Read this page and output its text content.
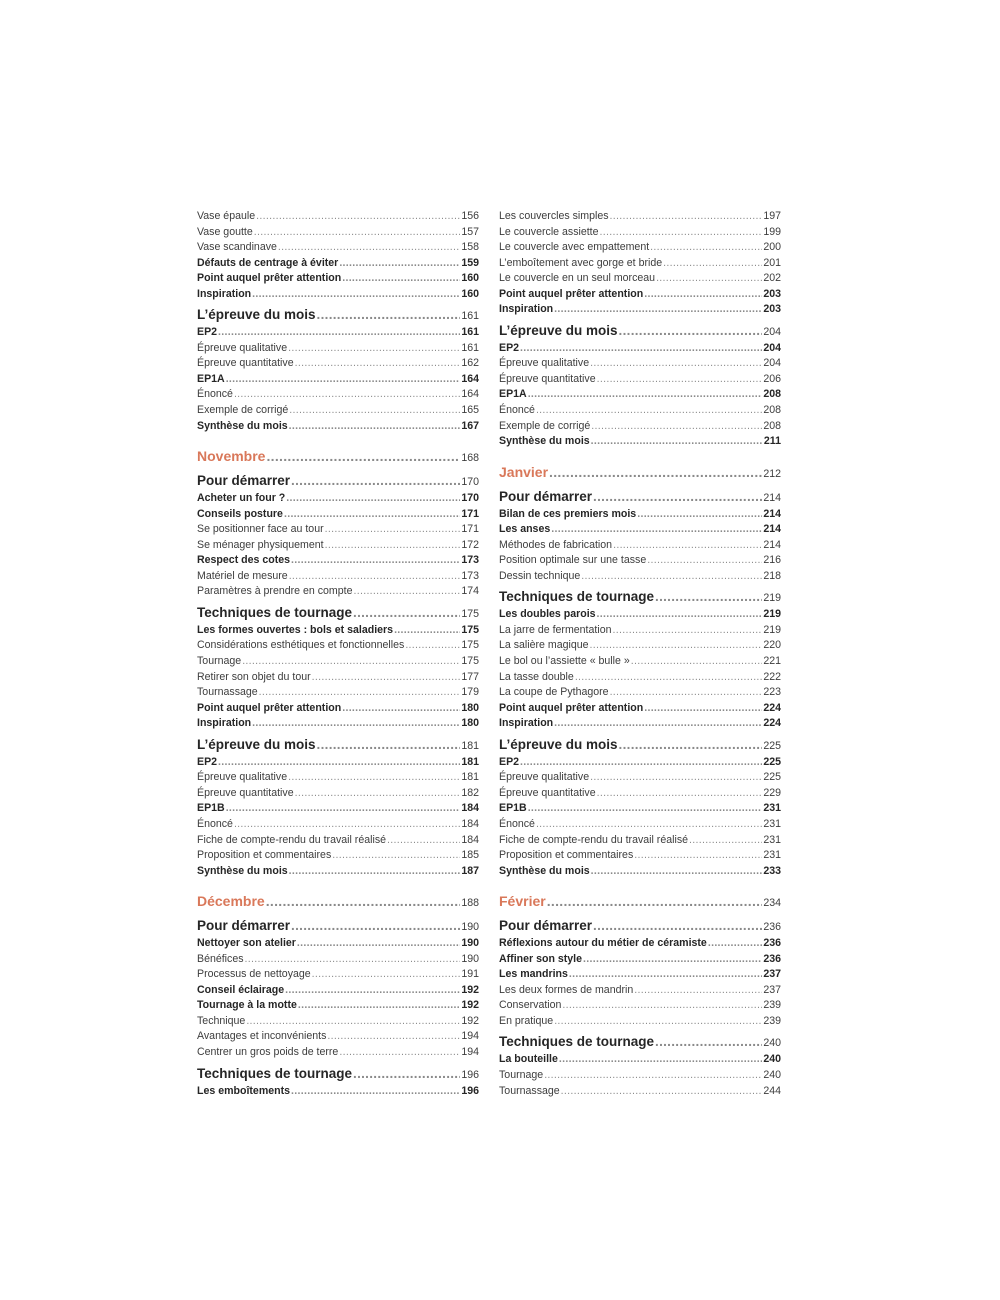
Vase épaule .....	156
Vase goutte .....	157
Vase scandinave .....	158
Défauts de centrage à éviter .....	159
Point auquel prêter attention .....	160
Inspiration .....	160
L’épreuve du mois .....	161
EP2 .....	161
Épreuve qualitative .....	161
Épreuve quantitative .....	162
EP1A .....	164
Énoncé .....	164
Exemple de corrigé .....	165
Synthèse du mois .....	167
Novembre .....	168
Pour démarrer .....	170
Acheter un four ? .....	170
Conseils posture .....	171
Se positionner face au tour .....	171
Se ménager physiquement .....	172
Respect des cotes .....	173
Matériel de mesure .....	173
Paramètres à prendre en compte .....	174
Techniques de tournage .....	175
Les formes ouvertes : bols et saladiers .....	175
Considérations esthétiques et fonctionnelles .....	175
Tournage .....	175
Retirer son objet du tour .....	177
Tournassage .....	179
Point auquel prêter attention .....	180
Inspiration .....	180
L’épreuve du mois .....	181
EP2 .....	181
Épreuve qualitative .....	181
Épreuve quantitative .....	182
EP1B .....	184
Énoncé .....	184
Fiche de compte-rendu du travail réalisé .....	184
Proposition et commentaires .....	185
Synthèse du mois .....	187
Décembre .....	188
Pour démarrer .....	190
Nettoyer son atelier .....	190
Bénéfices .....	190
Processus de nettoyage .....	191
Conseil éclairage .....	192
Tournage à la motte .....	192
Technique .....	192
Avantages et inconvénients .....	194
Centrer un gros poids de terre .....	194
Techniques de tournage .....	196
Les emboîtements .....	196
Les couvercles simples .....	197
Le couvercle assiette .....	199
Le couvercle avec empattement .....	200
L’emboîtement avec gorge et bride .....	201
Le couvercle en un seul morceau .....	202
Point auquel prêter attention .....	203
Inspiration .....	203
L’épreuve du mois .....	204
EP2 .....	204
Épreuve qualitative .....	204
Épreuve quantitative .....	206
EP1A .....	208
Énoncé .....	208
Exemple de corrigé .....	208
Synthèse du mois .....	211
Janvier .....	212
Pour démarrer .....	214
Bilan de ces premiers mois .....	214
Les anses .....	214
Méthodes de fabrication .....	214
Position optimale sur une tasse .....	216
Dessin technique .....	218
Techniques de tournage .....	219
Les doubles parois .....	219
La jarre de fermentation .....	219
La salière magique .....	220
Le bol ou l’assiette « bulle » .....	221
La tasse double .....	222
La coupe de Pythagore .....	223
Point auquel prêter attention .....	224
Inspiration .....	224
L’épreuve du mois .....	225
EP2 .....	225
Épreuve qualitative .....	225
Épreuve quantitative .....	229
EP1B .....	231
Énoncé .....	231
Fiche de compte-rendu du travail réalisé .....	231
Proposition et commentaires .....	231
Synthèse du mois .....	233
Février .....	234
Pour démarrer .....	236
Réflexions autour du métier de céramiste .....	236
Affiner son style .....	236
Les mandrins .....	237
Les deux formes de mandrin .....	237
Conservation .....	239
En pratique .....	239
Techniques de tournage .....	240
La bouteille .....	240
Tournage .....	240
Tournassage .....	244
